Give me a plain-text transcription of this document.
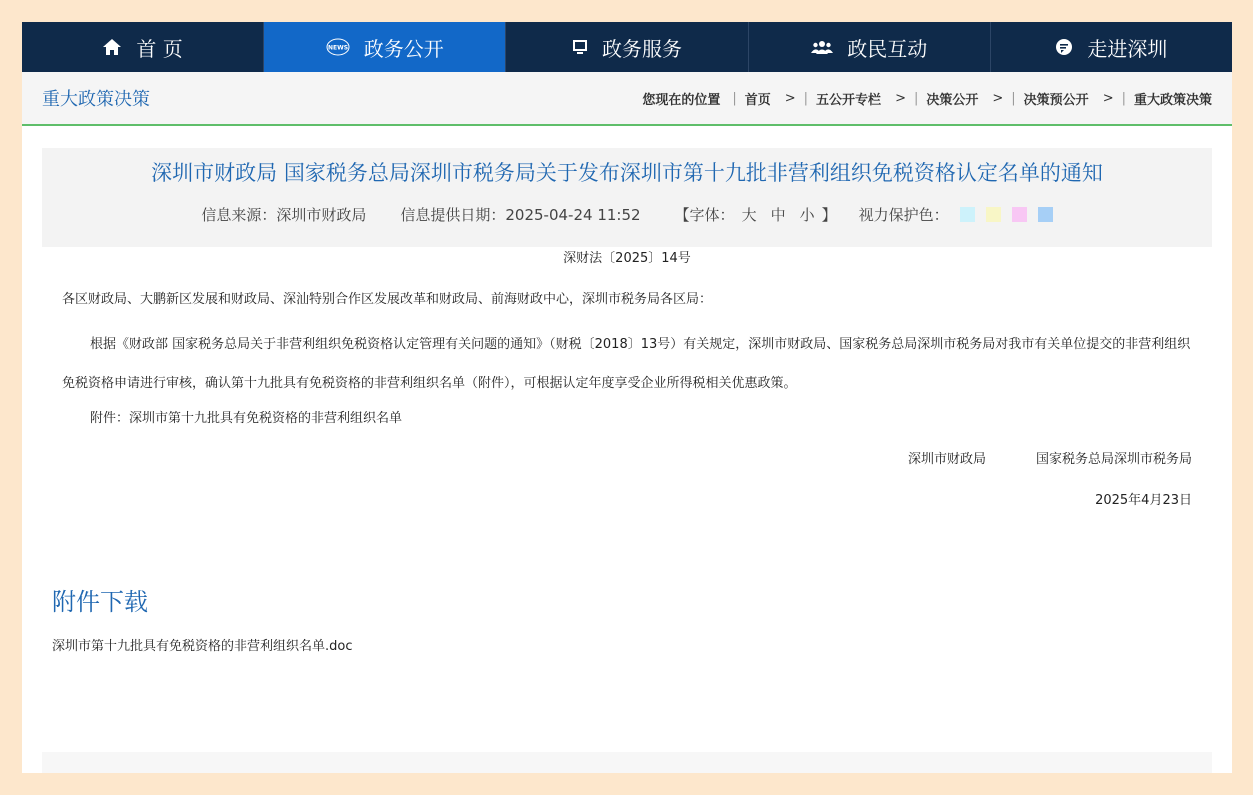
首 页	NEWS 政务公开	政务服务	政民互动	走进深圳
重大政策决策	您现在的位置 | 首页 > | 五公开专栏 > | 决策公开 > | 决策预公开 > | 重大政策决策
深圳市财政局 国家税务总局深圳市税务局关于发布深圳市第十九批非营利组织免税资格认定名单的通知
信息来源：深圳市财政局 信息提供日期：2025-04-24 11:52 【字体： 大 中 小 】 视力保护色：

深财法〔2025〕14号

各区财政局、大鹏新区发展和财政局、深汕特别合作区发展改革和财政局、前海财政中心，深圳市税务局各区局：

根据《财政部 国家税务总局关于非营利组织免税资格认定管理有关问题的通知》（财税〔2018〕13号）有关规定，深圳市财政局、国家税务总局深圳市税务局对我市有关单位提交的非营利组织免税资格申请进行审核，确认第十九批具有免税资格的非营利组织名单（附件），可根据认定年度享受企业所得税相关优惠政策。

附件：深圳市第十九批具有免税资格的非营利组织名单

深圳市财政局	国家税务总局深圳市税务局

2025年4月23日

附件下载
深圳市第十九批具有免税资格的非营利组织名单.doc
